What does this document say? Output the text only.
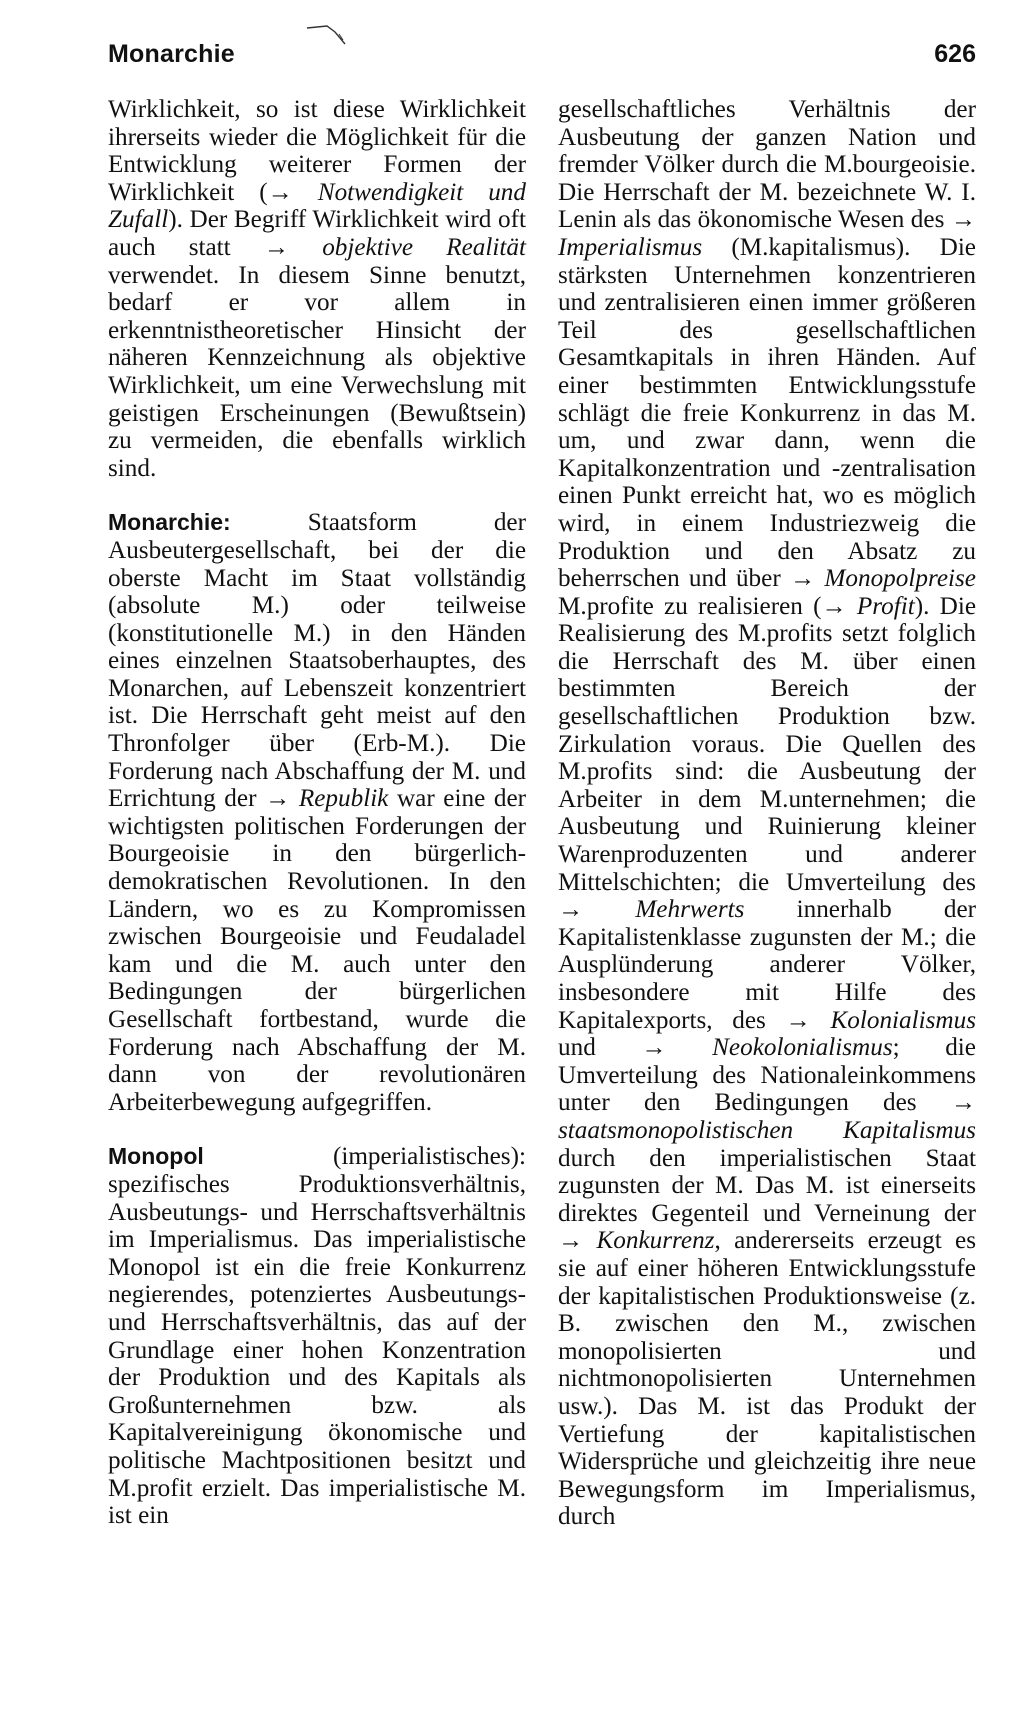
Monarchie	626

Wirklichkeit, so ist diese Wirklichkeit ihrerseits wieder die Möglichkeit für die Entwicklung weiterer Formen der Wirklichkeit (→ Notwendigkeit und Zufall). Der Begriff Wirklichkeit wird oft auch statt → objektive Realität verwendet. In diesem Sinne benutzt, bedarf er vor allem in erkenntnistheoretischer Hinsicht der näheren Kennzeichnung als objektive Wirklichkeit, um eine Verwechslung mit geistigen Erscheinungen (Bewußtsein) zu vermeiden, die ebenfalls wirklich sind.

Monarchie: Staatsform der Ausbeutergesellschaft, bei der die oberste Macht im Staat vollständig (absolute M.) oder teilweise (konstitutionelle M.) in den Händen eines einzelnen Staatsoberhauptes, des Monarchen, auf Lebenszeit konzentriert ist. Die Herrschaft geht meist auf den Thronfolger über (Erb-M.). Die Forderung nach Abschaffung der M. und Errichtung der → Republik war eine der wichtigsten politischen Forderungen der Bourgeoisie in den bürgerlich-demokratischen Revolutionen. In den Ländern, wo es zu Kompromissen zwischen Bourgeoisie und Feudaladel kam und die M. auch unter den Bedingungen der bürgerlichen Gesellschaft fortbestand, wurde die Forderung nach Abschaffung der M. dann von der revolutionären Arbeiterbewegung aufgegriffen.

Monopol (imperialistisches): spezifisches Produktionsverhältnis, Ausbeutungs- und Herrschaftsverhältnis im Imperialismus. Das imperialistische Monopol ist ein die freie Konkurrenz negierendes, potenziertes Ausbeutungs- und Herrschaftsverhältnis, das auf der Grundlage einer hohen Konzentration der Produktion und des Kapitals als Großunternehmen bzw. als Kapitalvereinigung ökonomische und politische Machtpositionen besitzt und M.profit erzielt. Das imperialistische M. ist ein

gesellschaftliches Verhältnis der Ausbeutung der ganzen Nation und fremder Völker durch die M.bourgeoisie. Die Herrschaft der M. bezeichnete W. I. Lenin als das ökonomische Wesen des → Imperialismus (M.kapitalismus). Die stärksten Unternehmen konzentrieren und zentralisieren einen immer größeren Teil des gesellschaftlichen Gesamtkapitals in ihren Händen. Auf einer bestimmten Entwicklungsstufe schlägt die freie Konkurrenz in das M. um, und zwar dann, wenn die Kapitalkonzentration und -zentralisation einen Punkt erreicht hat, wo es möglich wird, in einem Industriezweig die Produktion und den Absatz zu beherrschen und über → Monopolpreise M.profite zu realisieren (→ Profit). Die Realisierung des M.profits setzt folglich die Herrschaft des M. über einen bestimmten Bereich der gesellschaftlichen Produktion bzw. Zirkulation voraus. Die Quellen des M.profits sind: die Ausbeutung der Arbeiter in dem M.unternehmen; die Ausbeutung und Ruinierung kleiner Warenproduzenten und anderer Mittelschichten; die Umverteilung des → Mehrwerts innerhalb der Kapitalistenklasse zugunsten der M.; die Ausplünderung anderer Völker, insbesondere mit Hilfe des Kapitalexports, des → Kolonialismus und → Neokolonialismus; die Umverteilung des Nationaleinkommens unter den Bedingungen des → staatsmonopolistischen Kapitalismus durch den imperialistischen Staat zugunsten der M. Das M. ist einerseits direktes Gegenteil und Verneinung der → Konkurrenz, andererseits erzeugt es sie auf einer höheren Entwicklungsstufe der kapitalistischen Produktionsweise (z. B. zwischen den M., zwischen monopolisierten und nichtmonopolisierten Unternehmen usw.). Das M. ist das Produkt der Vertiefung der kapitalistischen Widersprüche und gleichzeitig ihre neue Bewegungsform im Imperialismus, durch
